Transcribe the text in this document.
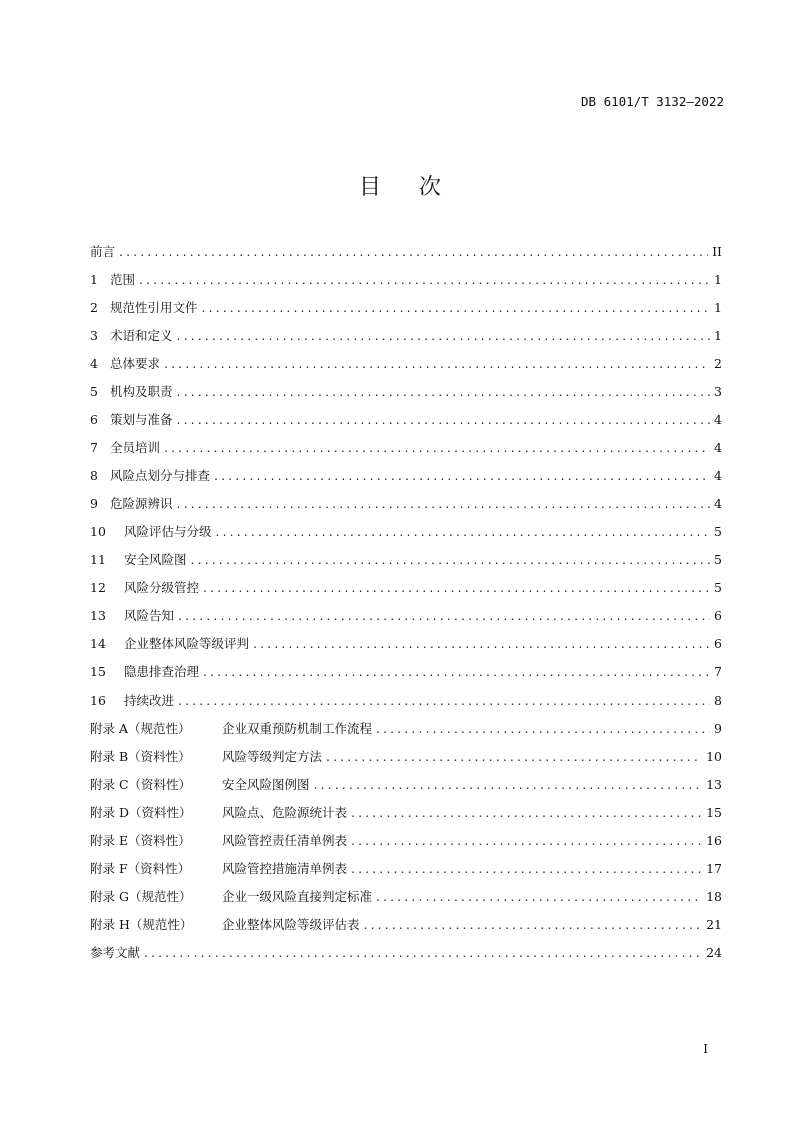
DB 6101/T 3132—2022
目次
前言 .....	II
1 范围 .....	1
2 规范性引用文件 .....	1
3 术语和定义 .....	1
4 总体要求 .....	2
5 机构及职责 .....	3
6 策划与准备 .....	4
7 全员培训 .....	4
8 风险点划分与排查 .....	4
9 危险源辨识 .....	4
10	风险评估与分级 .....	5
11	安全风险图 .....	5
12	风险分级管控 .....	5
13	风险告知 .....	6
14	企业整体风险等级评判 .....	6
15	隐患排查治理 .....	7
16	持续改进 .....	8
附录 A（规范性）	企业双重预防机制工作流程 .....	9
附录 B（资料性）	风险等级判定方法 .....	10
附录 C（资料性）	安全风险图例图 .....	13
附录 D（资料性）	风险点、危险源统计表 .....	15
附录 E（资料性）	风险管控责任清单例表 .....	16
附录 F（资料性）	风险管控措施清单例表 .....	17
附录 G（规范性）	企业一级风险直接判定标准 .....	18
附录 H（规范性）	企业整体风险等级评估表 .....	21
参考文献 .....	24
I
